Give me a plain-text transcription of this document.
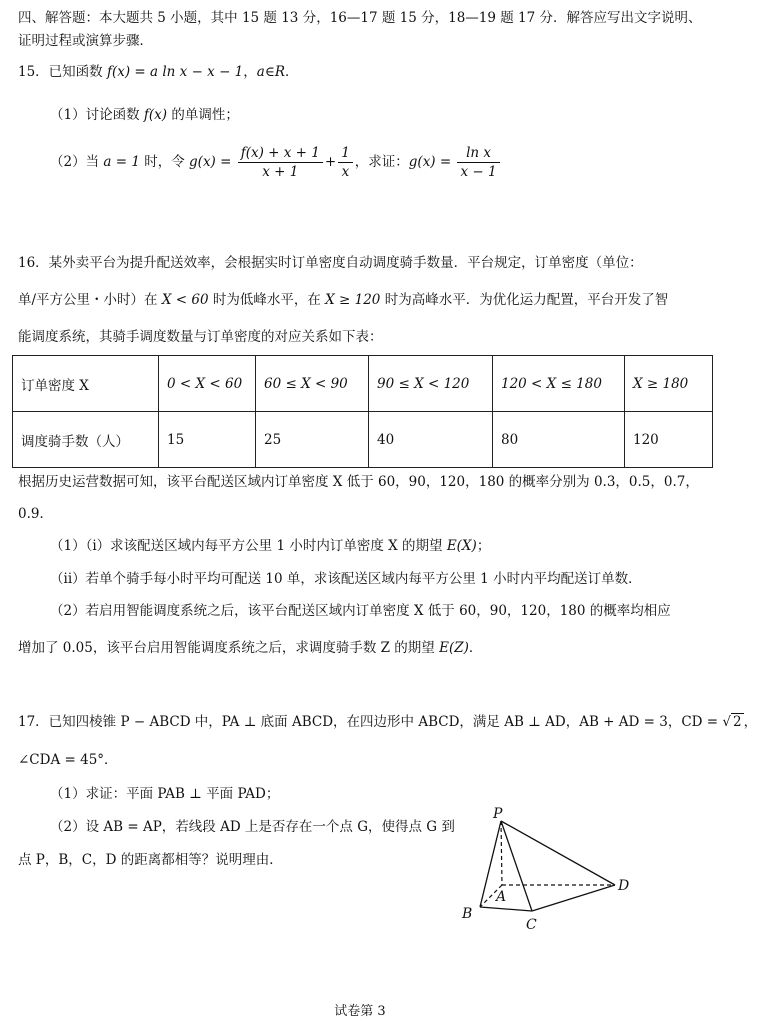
四、解答题：本大题共 5 小题，其中 15 题 13 分，16—17 题 15 分，18—19 题 17 分．解答应写出文字说明、
证明过程或演算步骤．
15．已知函数 f(x) = a ln x − x − 1，a∈R．
（1）讨论函数 f(x) 的单调性；
（2）当 a = 1 时，令 $g(x) = \frac{f(x) + x + 1}{x + 1} + \frac{1}{x}$ ，求证：$g(x) = \frac{\text{ln x}}{x - 1}$
16．某外卖平台为提升配送效率，会根据实时订单密度自动调度骑手数量．平台规定，订单密度（单位：
单/平方公里・小时）在 X < 60 时为低峰水平，在 X ≥ 120 时为高峰水平．为优化运力配置，平台开发了智
能调度系统，其骑手调度数量与订单密度的对应关系如下表：
订单密度 X	0 < X < 60	60 ≤ X < 90	90 ≤ X < 120	120 < X ≤ 180	X ≥ 180
调度骑手数（人）	15	25	40	80	120
根据历史运营数据可知，该平台配送区域内订单密度 X 低于 60，90，120，180 的概率分别为 0.3，0.5，0.7，
0.9．
（1）（i）求该配送区域内每平方公里 1 小时内订单密度 X 的期望 E(X)；
（ii）若单个骑手每小时平均可配送 10 单，求该配送区域内每平方公里 1 小时内平均配送订单数．
（2）若启用智能调度系统之后，该平台配送区域内订单密度 X 低于 60，90，120，180 的概率均相应
增加了 0.05，该平台启用智能调度系统之后，求调度骑手数 Z 的期望 E(Z)．
17．已知四棱锥 P − ABCD 中，PA ⊥ 底面 ABCD，在四边形中 ABCD，满足 AB ⊥ AD，AB + AD = 3，CD = √ 2 ，
∠CDA = 45°．
（1）求证：平面 PAB ⊥ 平面 PAD；
（2）设 AB = AP，若线段 AD 上是否存在一个点 G，使得点 G 到
点 P，B，C，D 的距离都相等？说明理由．
P
A
B
C
D
试卷第 3
